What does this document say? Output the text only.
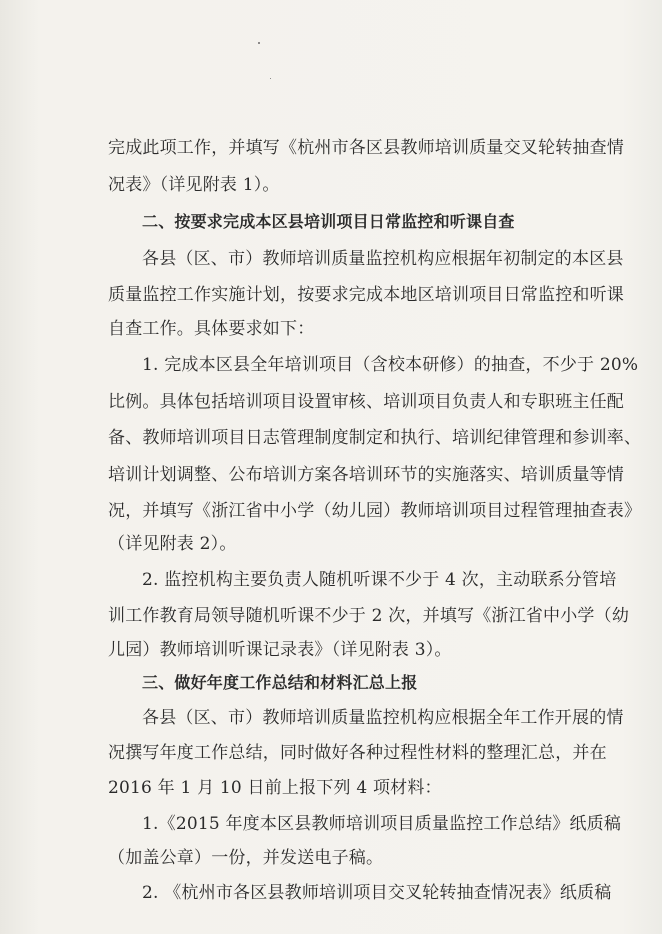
完成此项工作，并填写《杭州市各区县教师培训质量交叉轮转抽查情
况表》（详见附表 1）。
二、按要求完成本区县培训项目日常监控和听课自查
各县（区、市）教师培训质量监控机构应根据年初制定的本区县
质量监控工作实施计划，按要求完成本地区培训项目日常监控和听课
自查工作。具体要求如下：
1. 完成本区县全年培训项目（含校本研修）的抽查，不少于 20%
比例。具体包括培训项目设置审核、培训项目负责人和专职班主任配
备、教师培训项目日志管理制度制定和执行、培训纪律管理和参训率、
培训计划调整、公布培训方案各培训环节的实施落实、培训质量等情
况，并填写《浙江省中小学（幼儿园）教师培训项目过程管理抽查表》
（详见附表 2）。
2. 监控机构主要负责人随机听课不少于 4 次，主动联系分管培
训工作教育局领导随机听课不少于 2 次，并填写《浙江省中小学（幼
儿园）教师培训听课记录表》（详见附表 3）。
三、做好年度工作总结和材料汇总上报
各县（区、市）教师培训质量监控机构应根据全年工作开展的情
况撰写年度工作总结，同时做好各种过程性材料的整理汇总，并在
2016 年 1 月 10 日前上报下列 4 项材料：
1.《2015 年度本区县教师培训项目质量监控工作总结》纸质稿
（加盖公章）一份，并发送电子稿。
2. 《杭州市各区县教师培训项目交叉轮转抽查情况表》纸质稿
